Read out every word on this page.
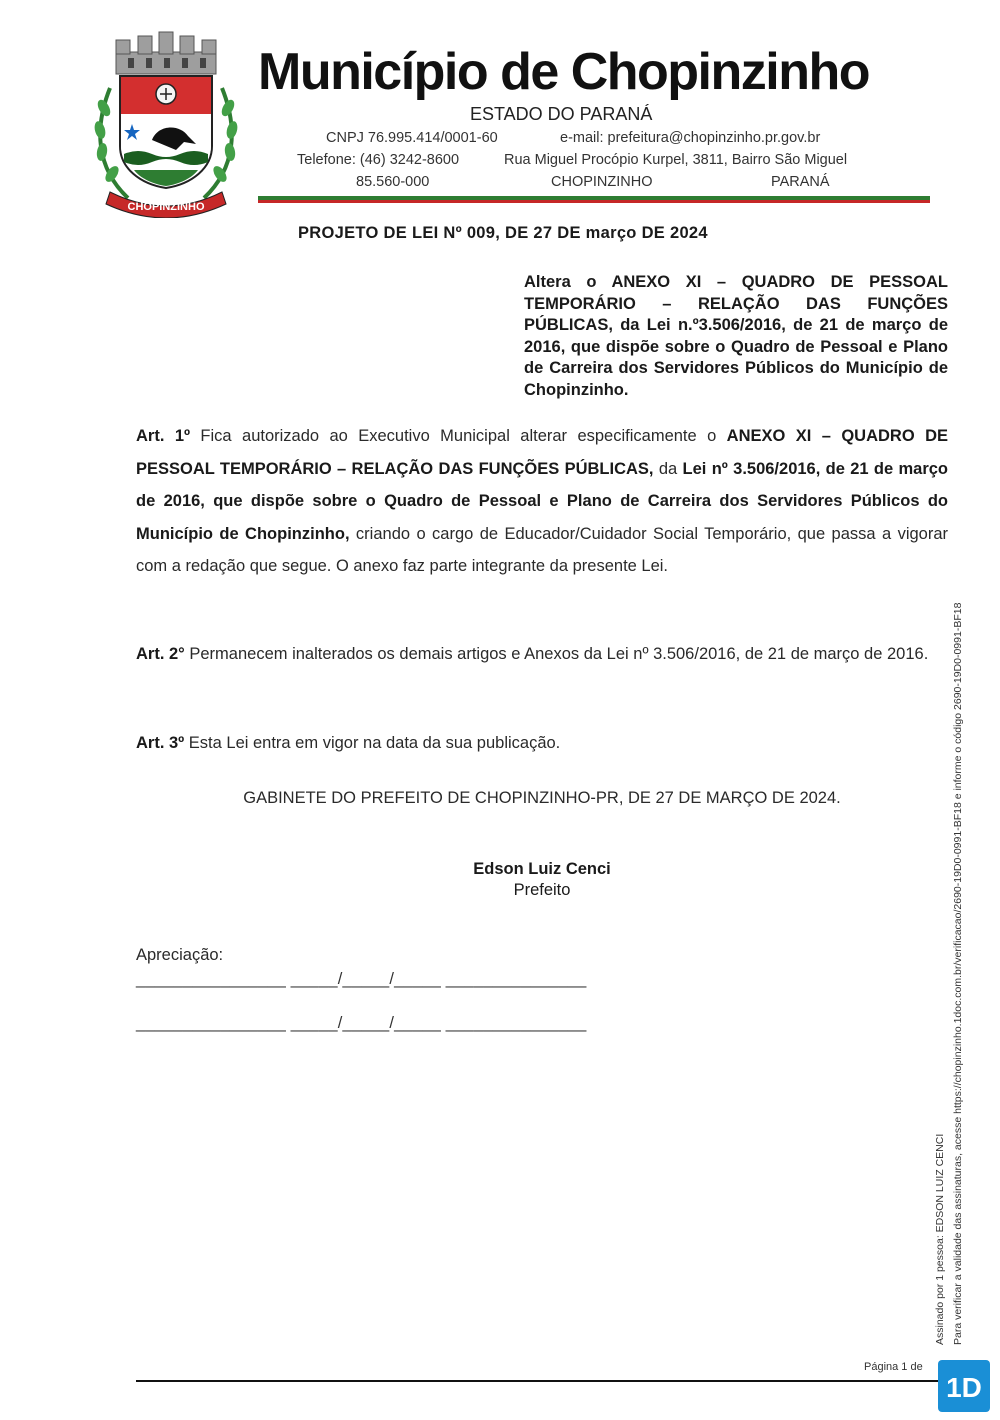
CHOPINZINHO
Município de Chopinzinho
ESTADO DO PARANÁ
CNPJ 76.995.414/0001-60	e-mail: prefeitura@chopinzinho.pr.gov.br
Telefone: (46) 3242-8600	Rua Miguel Procópio Kurpel, 3811, Bairro São Miguel
85.560-000	CHOPINZINHO	PARANÁ
PROJETO DE LEI Nº 009, DE 27 DE março DE 2024
Altera o ANEXO XI – QUADRO DE PESSOAL TEMPORÁRIO – RELAÇÃO DAS FUNÇÕES PÚBLICAS, da Lei n.º3.506/2016, de 21 de março de 2016, que dispõe sobre o Quadro de Pessoal e Plano de Carreira dos Servidores Públicos do Município de Chopinzinho.
Art. 1º Fica autorizado ao Executivo Municipal alterar especificamente o ANEXO XI – QUADRO DE PESSOAL TEMPORÁRIO – RELAÇÃO DAS FUNÇÕES PÚBLICAS, da Lei nº 3.506/2016, de 21 de março de 2016, que dispõe sobre o Quadro de Pessoal e Plano de Carreira dos Servidores Públicos do Município de Chopinzinho, criando o cargo de Educador/Cuidador Social Temporário, que passa a vigorar com a redação que segue. O anexo faz parte integrante da presente Lei.
Art. 2° Permanecem inalterados os demais artigos e Anexos da Lei nº 3.506/2016, de 21 de março de 2016.
Art. 3º Esta Lei entra em vigor na data da sua publicação.
GABINETE DO PREFEITO DE CHOPINZINHO-PR, DE 27 DE MARÇO DE 2024.
Edson Luiz Cenci
Prefeito
Apreciação:
________________ _____/_____/_____ _______________
________________ _____/_____/_____ _______________
Assinado por 1 pessoa: EDSON LUIZ CENCI Para verificar a validade das assinaturas, acesse https://chopinzinho.1doc.com.br/verificacao/2690-19D0-0991-BF18 e informe o código 2690-19D0-0991-BF18
Página 1 de
1D
